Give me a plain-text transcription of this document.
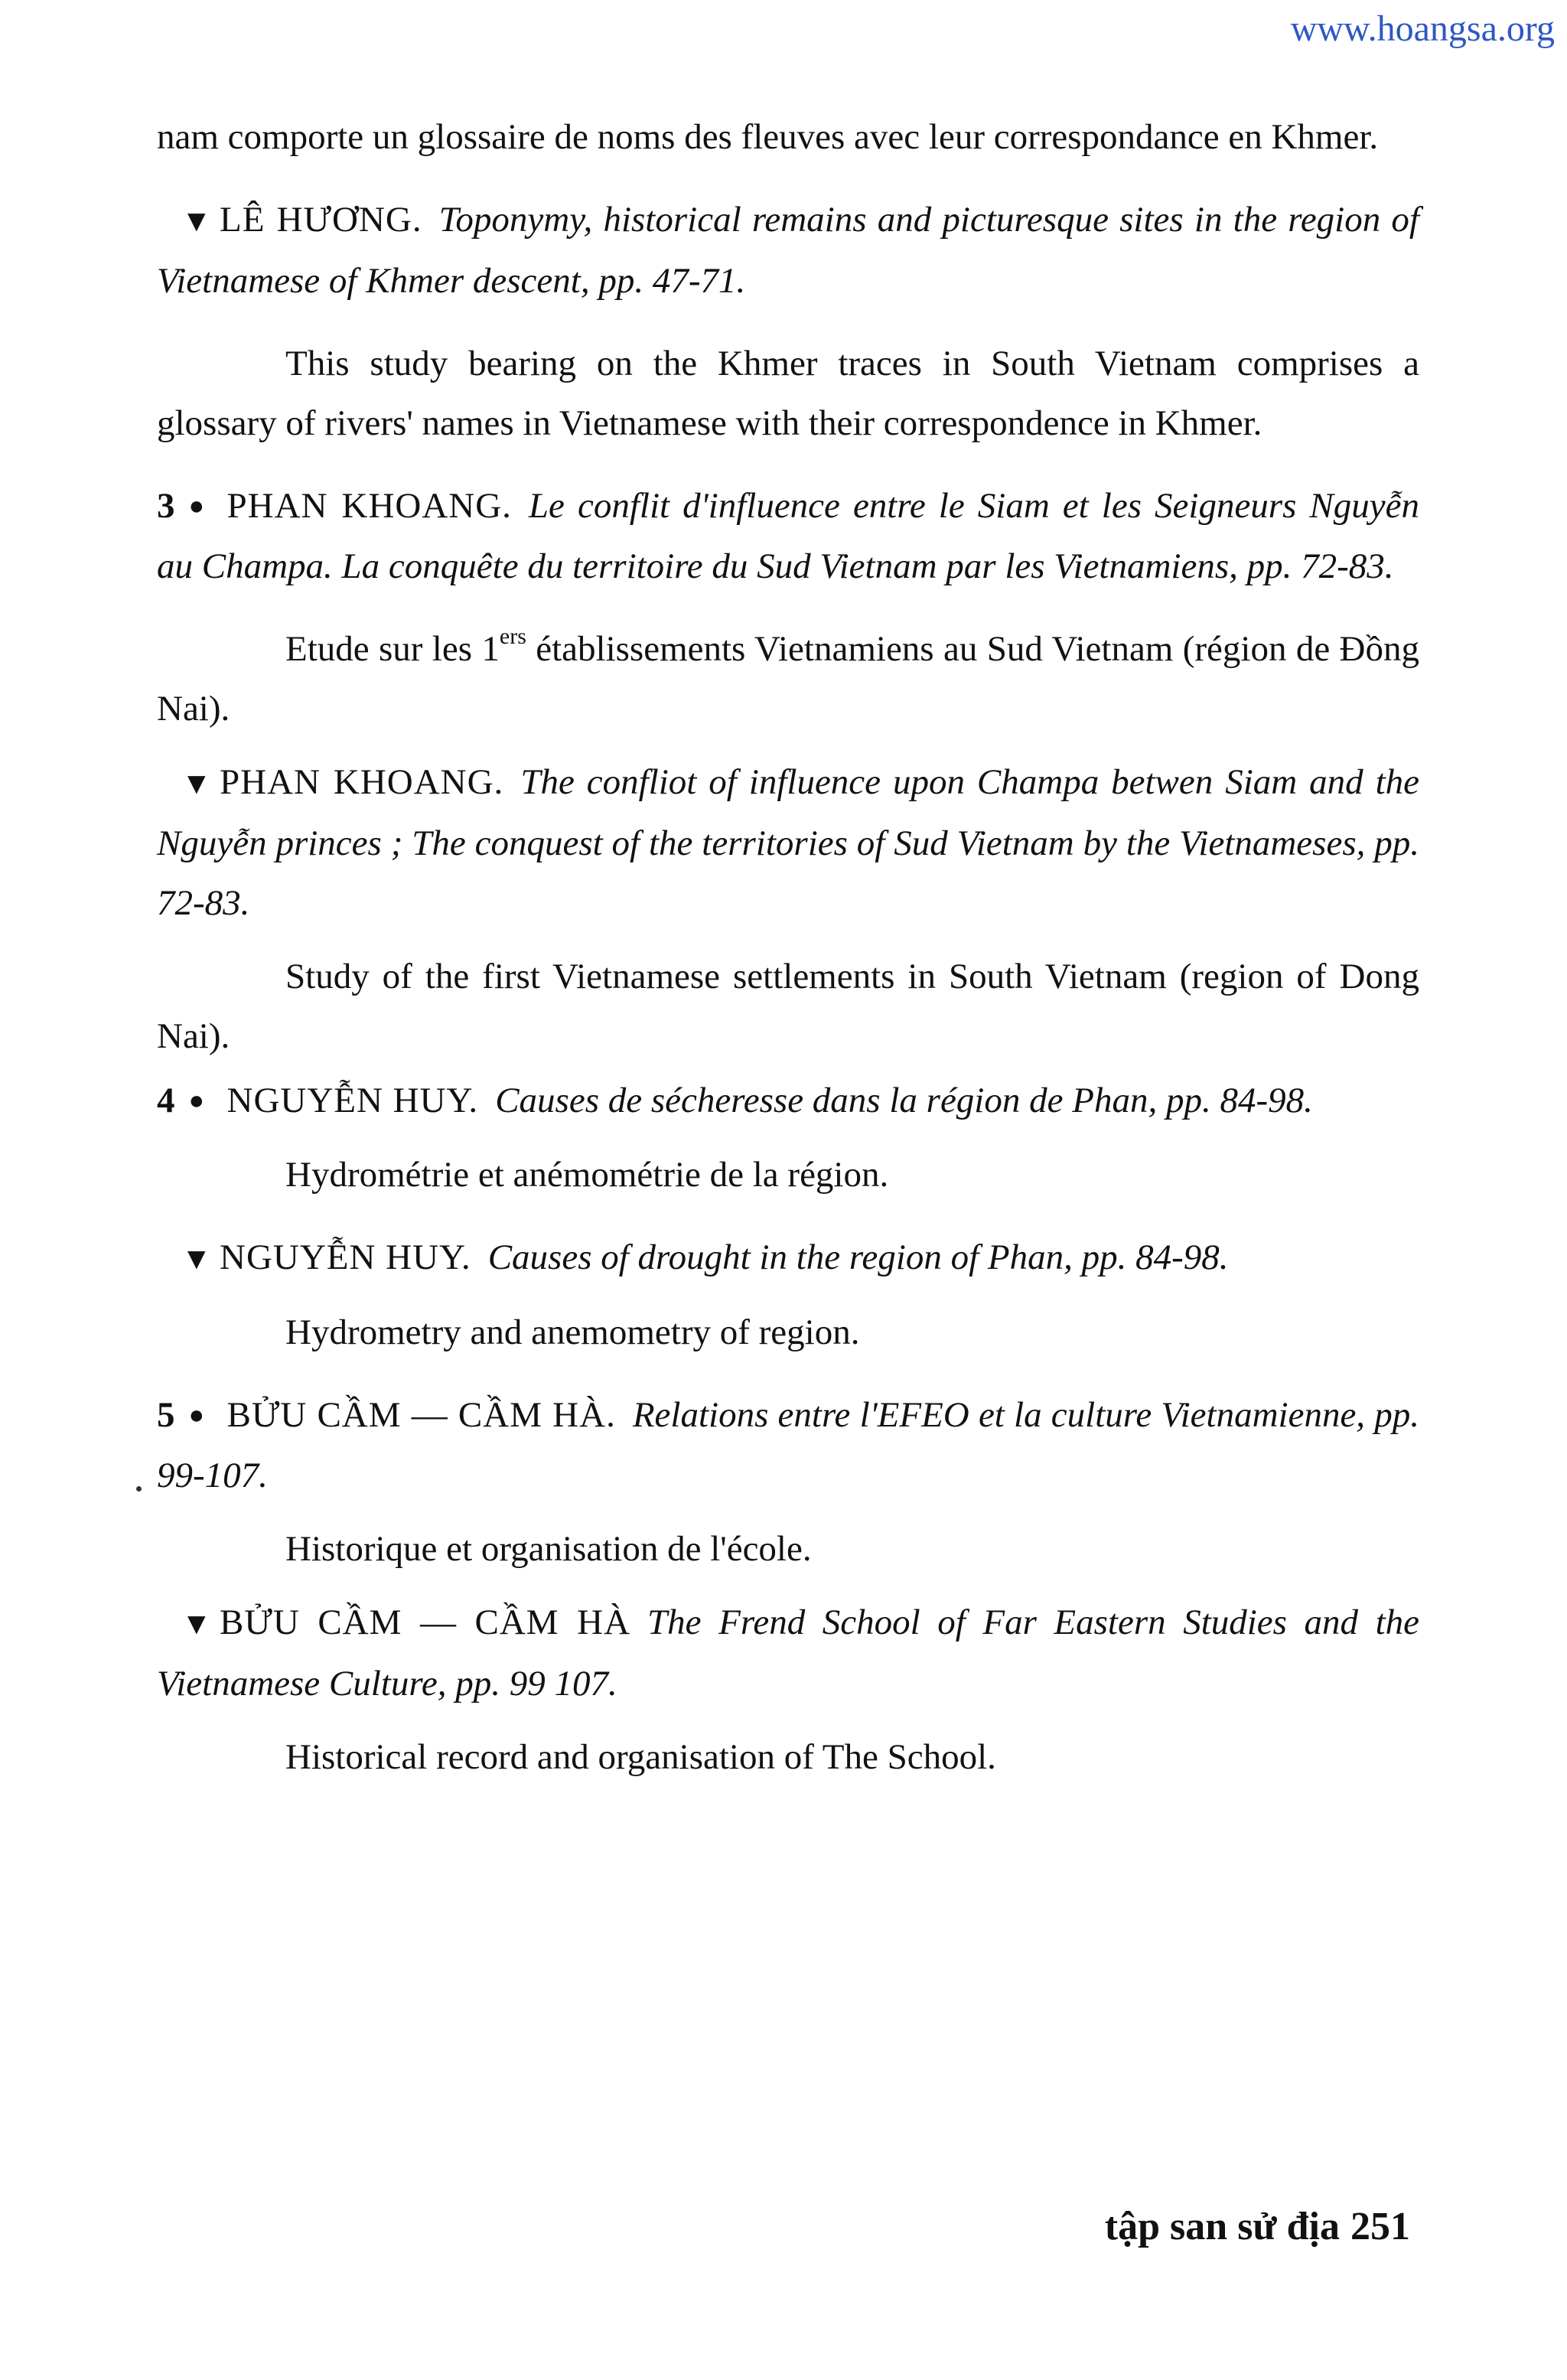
www.hoangsa.org

nam comporte un glossaire de noms des fleuves avec leur correspondance en Khmer.

▼ LÊ HƯƠNG. Toponymy, historical remains and picturesque sites in the region of Vietnamese of Khmer descent, pp. 47-71.

This study bearing on the Khmer traces in South Vietnam comprises a glossary of rivers' names in Vietnamese with their correspondence in Khmer.

3 ● PHAN KHOANG. Le conflit d'influence entre le Siam et les Seigneurs Nguyễn au Champa. La conquête du territoire du Sud Vietnam par les Vietnamiens, pp. 72-83.

Etude sur les 1ers établissements Vietnamiens au Sud Vietnam (région de Đồng Nai).

▼ PHAN KHOANG. The confliot of influence upon Champa betwen Siam and the Nguyễn princes ; The conquest of the territories of Sud Vietnam by the Vietnameses, pp. 72-83.

Study of the first Vietnamese settlements in South Vietnam (region of Dong Nai).

4 ● NGUYỄN HUY. Causes de sécheresse dans la région de Phan, pp. 84-98.

Hydrométrie et anémométrie de la région.

▼ NGUYỄN HUY. Causes of drought in the region of Phan, pp. 84-98.

Hydrometry and anemometry of region.

5 ● BỬU CẦM — CẦM HÀ. Relations entre l'EFEO et la culture Vietnamienne, pp. 99-107.

Historique et organisation de l'école.

▼ BỬU CẦM — CẦM HÀ The Frend School of Far Eastern Studies and the Vietnamese Culture, pp. 99 107.

Historical record and organisation of The School.

tập san sử địa 251
